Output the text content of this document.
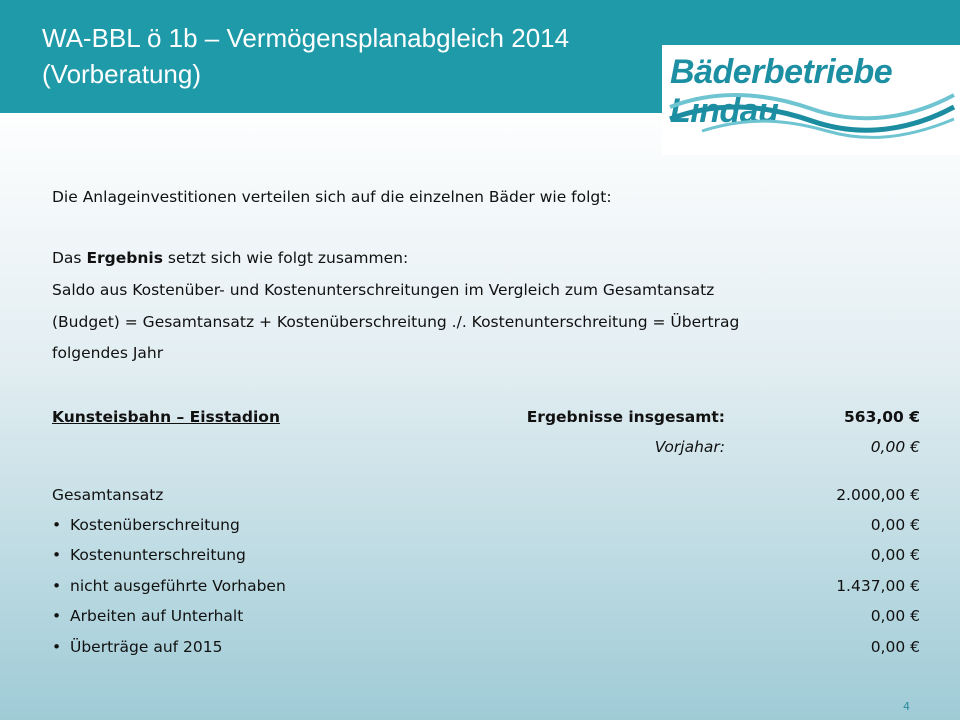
WA-BBL ö 1b – Vermögensplanabgleich 2014
(Vorberatung)	Bäderbetriebe Lindau
Die Anlageinvestitionen verteilen sich auf die einzelnen Bäder wie folgt:
Das Ergebnis setzt sich wie folgt zusammen:
Saldo aus Kostenüber- und Kostenunterschreitungen im Vergleich zum Gesamtansatz
(Budget) = Gesamtansatz + Kostenüberschreitung ./. Kostenunterschreitung = Übertrag
folgendes Jahr
Kunsteisbahn – Eisstadion	Ergebnisse insgesamt:	563,00 €
Vorjahar:	0,00 €
Gesamtansatz	2.000,00 €
• Kostenüberschreitung	0,00 €
• Kostenunterschreitung	0,00 €
• nicht ausgeführte Vorhaben	1.437,00 €
• Arbeiten auf Unterhalt	0,00 €
• Überträge auf 2015	0,00 €
4
